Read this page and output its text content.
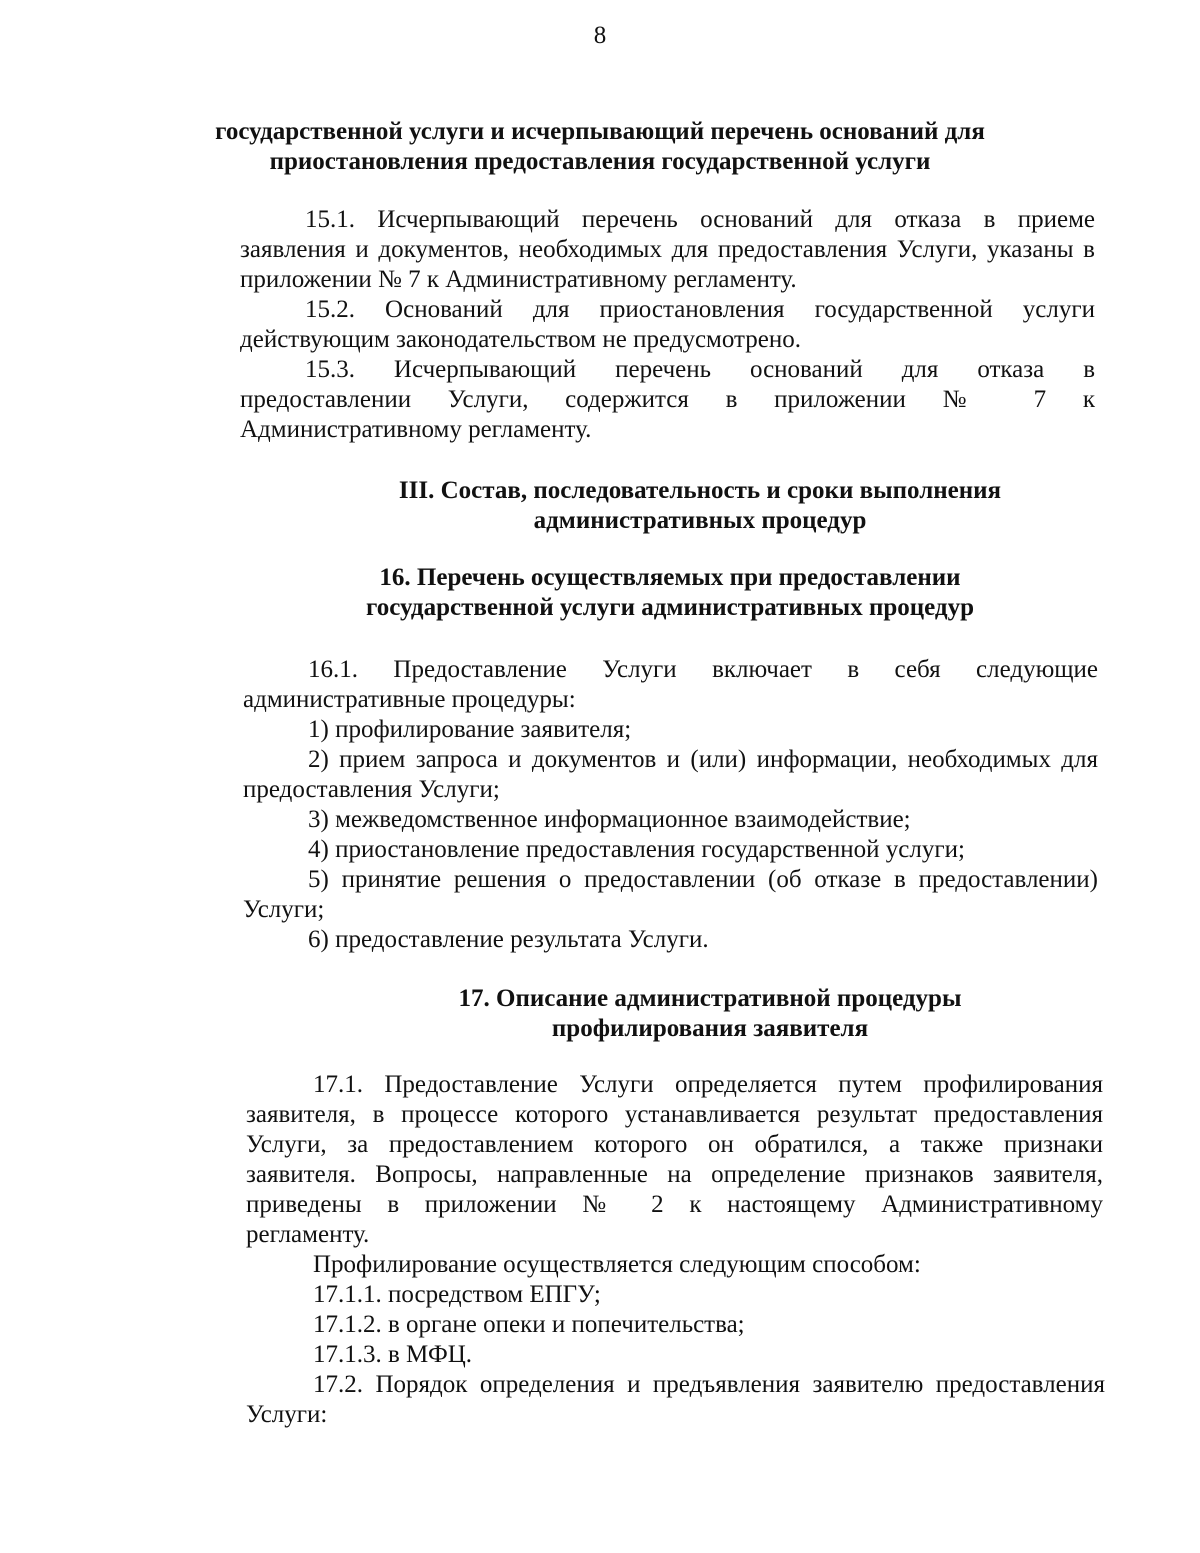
8
государственной услуги и исчерпывающий перечень оснований для
приостановления предоставления государственной услуги
15.1. Исчерпывающий перечень оснований для отказа в приеме
заявления и документов, необходимых для предоставления Услуги, указаны в
приложении № 7 к Административному регламенту.
15.2. Оснований для приостановления государственной услуги
действующим законодательством не предусмотрено.
15.3. Исчерпывающий перечень оснований для отказа в
предоставлении Услуги, содержится в приложении № 7 к
Административному регламенту.
III. Состав, последовательность и сроки выполнения
административных процедур
16. Перечень осуществляемых при предоставлении
государственной услуги административных процедур
16.1. Предоставление Услуги включает в себя следующие
административные процедуры:
1) профилирование заявителя;
2) прием запроса и документов и (или) информации, необходимых для
предоставления Услуги;
3) межведомственное информационное взаимодействие;
4) приостановление предоставления государственной услуги;
5) принятие решения о предоставлении (об отказе в предоставлении)
Услуги;
6) предоставление результата Услуги.
17. Описание административной процедуры
профилирования заявителя
17.1. Предоставление Услуги определяется путем профилирования
заявителя, в процессе которого устанавливается результат предоставления
Услуги, за предоставлением которого он обратился, а также признаки
заявителя. Вопросы, направленные на определение признаков заявителя,
приведены в приложении № 2 к настоящему Административному
регламенту.
Профилирование осуществляется следующим способом:
17.1.1. посредством ЕПГУ;
17.1.2. в органе опеки и попечительства;
17.1.3. в МФЦ.
17.2. Порядок определения и предъявления заявителю предоставления
Услуги:
